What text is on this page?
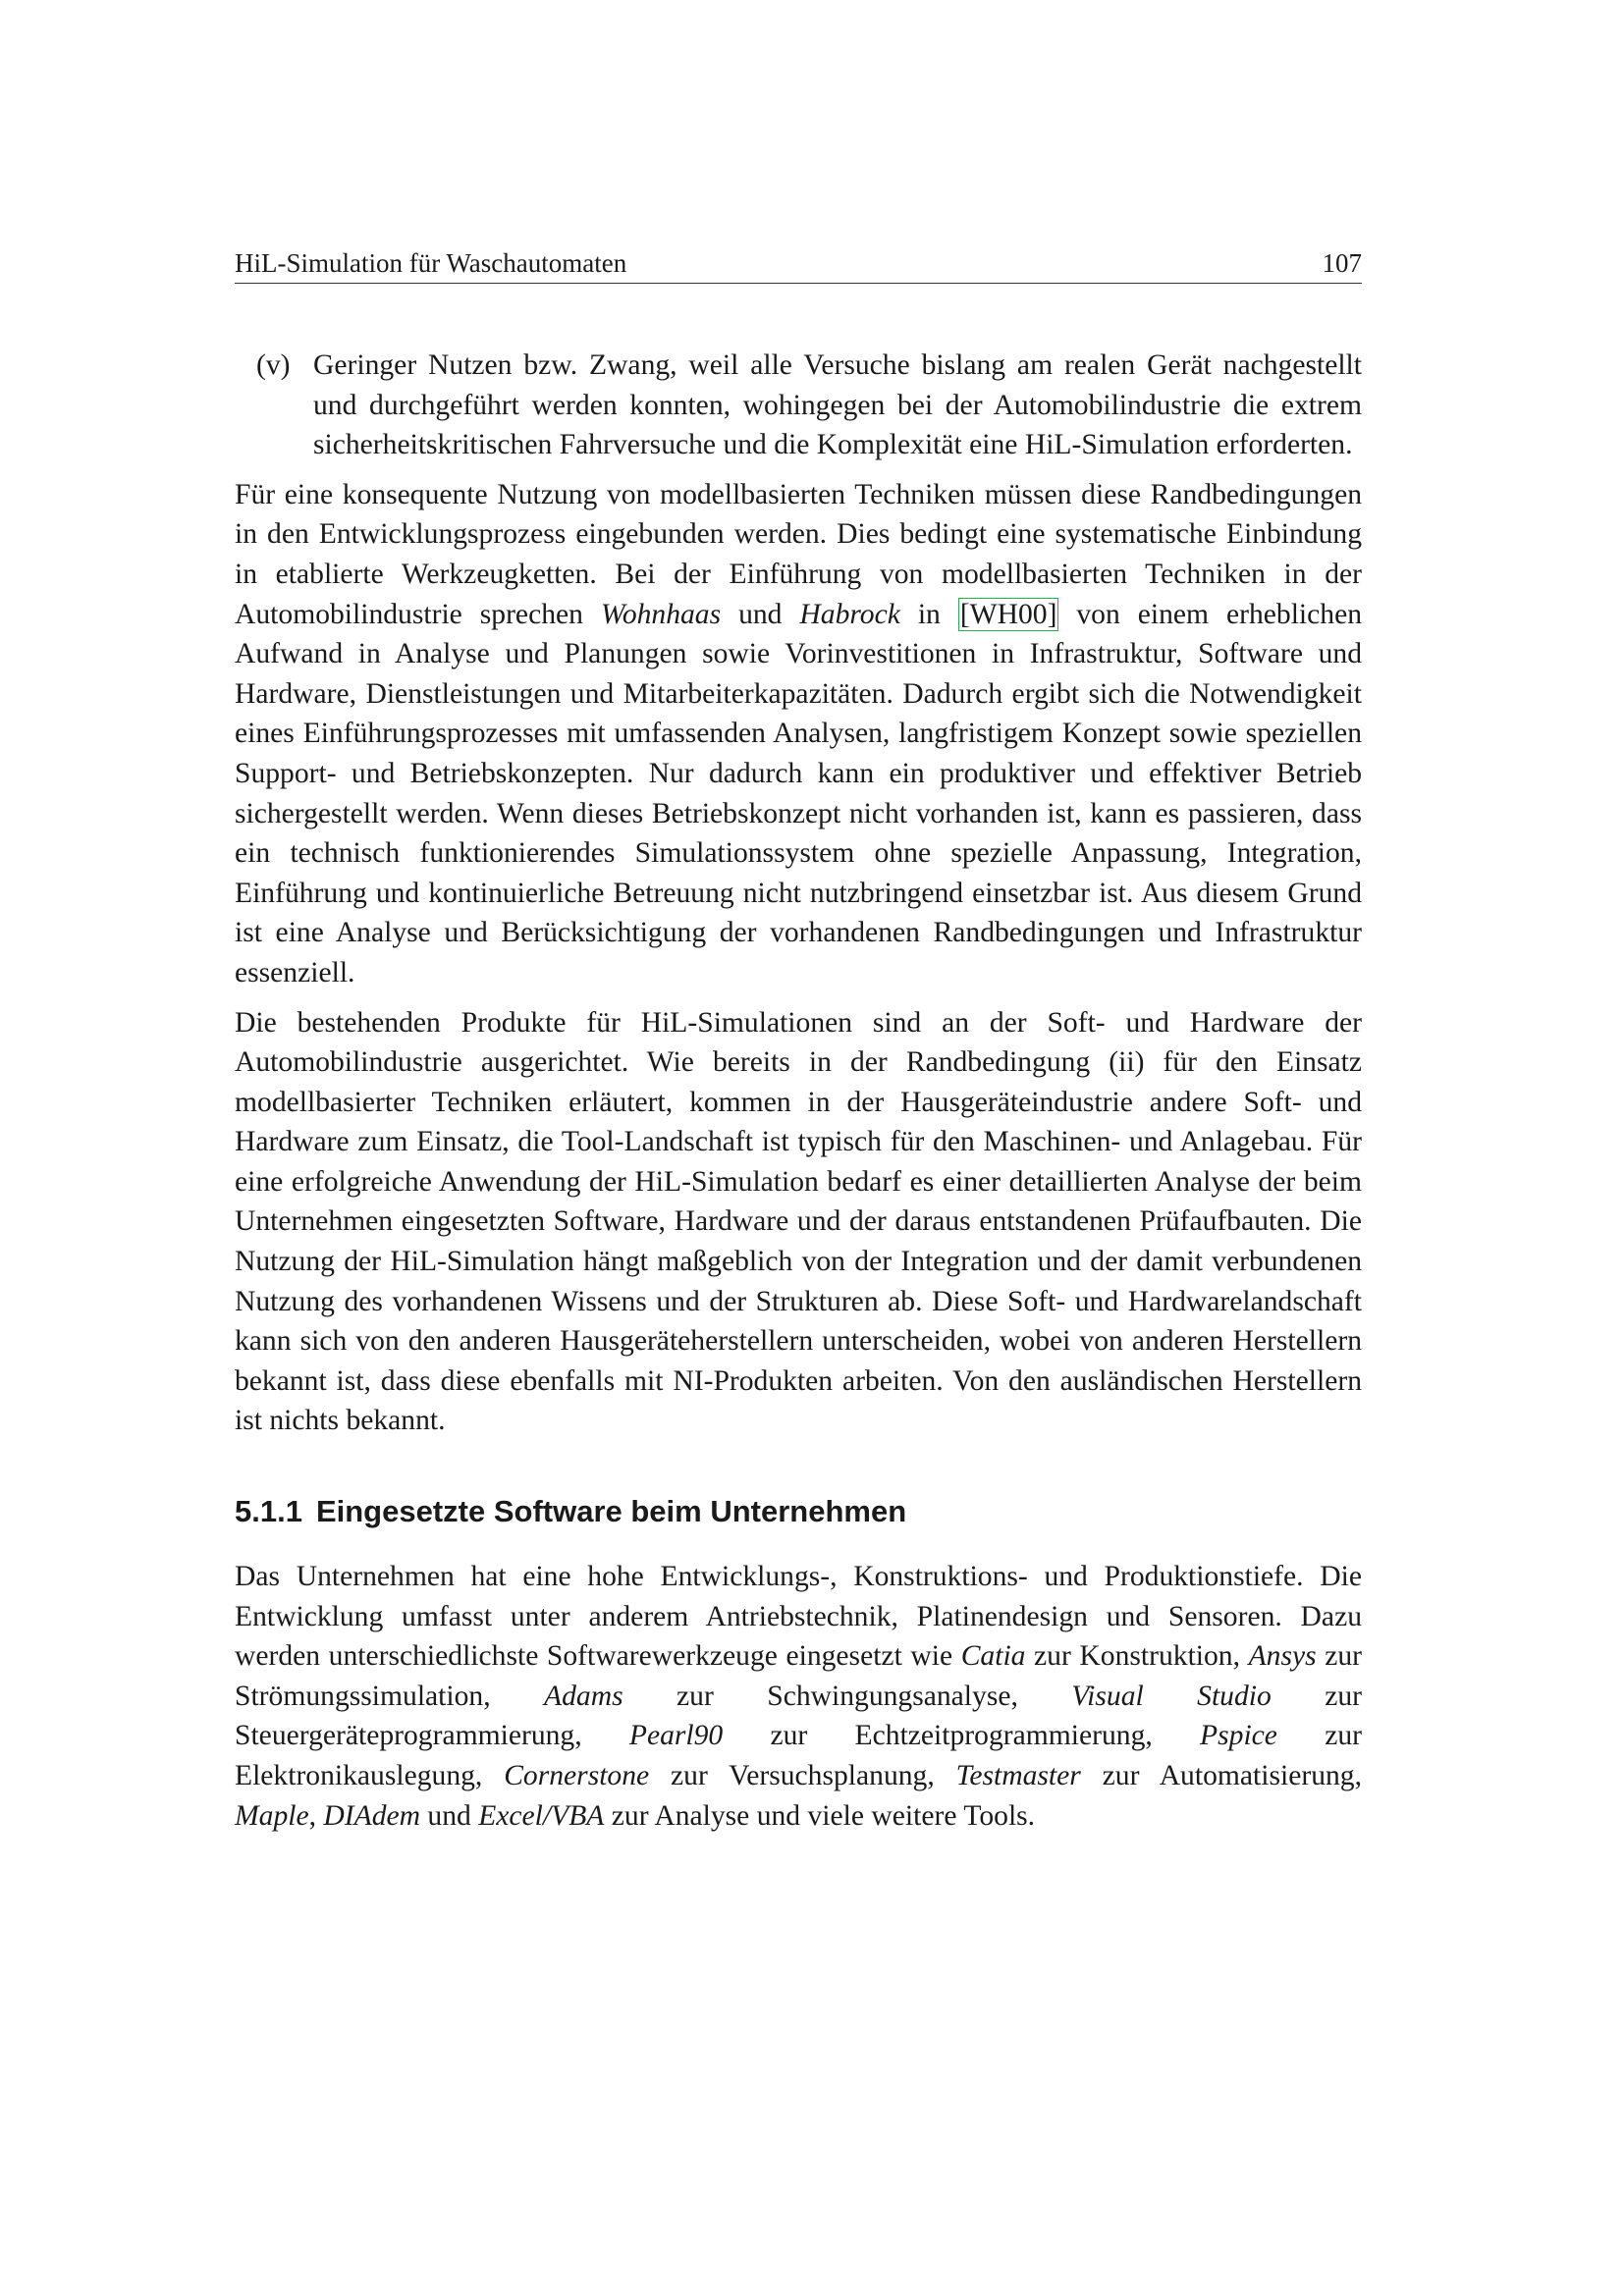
HiL-Simulation für Waschautomaten	107
(v) Geringer Nutzen bzw. Zwang, weil alle Versuche bislang am realen Gerät nachgestellt und durchgeführt werden konnten, wohingegen bei der Automobilindustrie die extrem sicherheitskritischen Fahrversuche und die Komplexität eine HiL-Simulation erforderten.

Für eine konsequente Nutzung von modellbasierten Techniken müssen diese Randbedingungen in den Entwicklungsprozess eingebunden werden. Dies bedingt eine systematische Einbindung in etablierte Werkzeugketten. Bei der Einführung von modellbasierten Techniken in der Automobilindustrie sprechen Wohnhaas und Habrock in [WH00] von einem erheblichen Aufwand in Analyse und Planungen sowie Vorinvestitionen in Infrastruktur, Software und Hardware, Dienstleistungen und Mitarbeiterkapazitäten. Dadurch ergibt sich die Notwendigkeit eines Einführungsprozesses mit umfassenden Analysen, langfristigem Konzept sowie speziellen Support- und Betriebskonzepten. Nur dadurch kann ein produktiver und effektiver Betrieb sichergestellt werden. Wenn dieses Betriebskonzept nicht vorhanden ist, kann es passieren, dass ein technisch funktionierendes Simulationssystem ohne spezielle Anpassung, Integration, Einführung und kontinuierliche Betreuung nicht nutzbringend einsetzbar ist. Aus diesem Grund ist eine Analyse und Berücksichtigung der vorhandenen Randbedingungen und Infrastruktur essenziell.

Die bestehenden Produkte für HiL-Simulationen sind an der Soft- und Hardware der Automobilindustrie ausgerichtet. Wie bereits in der Randbedingung (ii) für den Einsatz modellbasierter Techniken erläutert, kommen in der Hausgeräteindustrie andere Soft- und Hardware zum Einsatz, die Tool-Landschaft ist typisch für den Maschinen- und Anlagebau. Für eine erfolgreiche Anwendung der HiL-Simulation bedarf es einer detaillierten Analyse der beim Unternehmen eingesetzten Software, Hardware und der daraus entstandenen Prüfaufbauten. Die Nutzung der HiL-Simulation hängt maßgeblich von der Integration und der damit verbundenen Nutzung des vorhandenen Wissens und der Strukturen ab. Diese Soft- und Hardwarelandschaft kann sich von den anderen Hausgeräteherstellern unterscheiden, wobei von anderen Herstellern bekannt ist, dass diese ebenfalls mit NI-Produkten arbeiten. Von den ausländischen Herstellern ist nichts bekannt.

5.1.1 Eingesetzte Software beim Unternehmen

Das Unternehmen hat eine hohe Entwicklungs-, Konstruktions- und Produktionstiefe. Die Entwicklung umfasst unter anderem Antriebstechnik, Platinendesign und Sensoren. Dazu werden unterschiedlichste Softwarewerkzeuge eingesetzt wie Catia zur Konstruktion, Ansys zur Strömungssimulation, Adams zur Schwingungsanalyse, Visual Studio zur Steuergeräteprogrammierung, Pearl90 zur Echtzeitprogrammierung, Pspice zur Elektronikauslegung, Cornerstone zur Versuchsplanung, Testmaster zur Automatisierung, Maple, DIAdem und Excel/VBA zur Analyse und viele weitere Tools.
